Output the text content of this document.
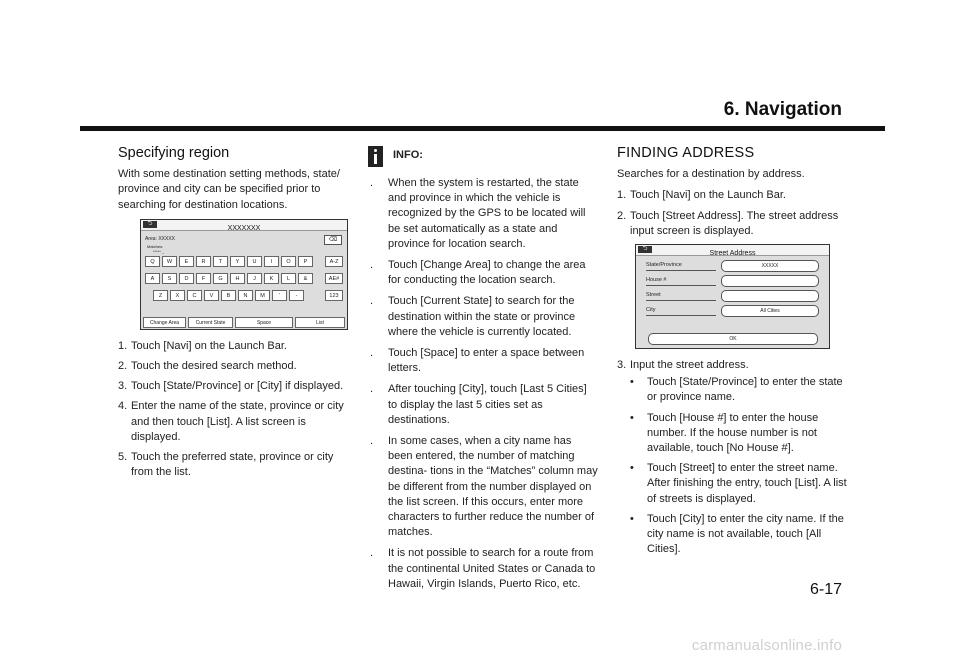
6. Navigation
Specifying region

With some destination setting methods, state/ province and city can be specified prior to searching for destination locations.

⮌
XXXXXXX
Area: XXXXX
Matches:
***** _
⌫
Q	W	E	R	T	Y	U	I	O	P	A-Z
A	S	D	F	G	H	J	K	L	&	AE#
Z	X	C	V	B	N	M	'	-	123
Change Area	Current State	Space	List
1. Touch [Navi] on the Launch Bar.
2. Touch the desired search method.
3. Touch [State/Province] or [City] if displayed.
4. Enter the name of the state, province or city and then touch [List]. A list screen is displayed.
5. Touch the preferred state, province or city from the list.
INFO:
.	When the system is restarted, the state and province in which the vehicle is recognized by the GPS to be located will be set automatically as a state and province for location search.
.	Touch [Change Area] to change the area for conducting the location search.
.	Touch [Current State] to search for the destination within the state or province where the vehicle is currently located.
.	Touch [Space] to enter a space between letters.
.	After touching [City], touch [Last 5 Cities] to display the last 5 cities set as destinations.
.	In some cases, when a city name has been entered, the number of matching destina- tions in the “Matches” column may be different from the number displayed on the list screen. If this occurs, enter more characters to further reduce the number of matches.
.	It is not possible to search for a route from the continental United States or Canada to Hawaii, Virgin Islands, Puerto Rico, etc.
FINDING ADDRESS

Searches for a destination by address.

1. Touch [Navi] on the Launch Bar.
2. Touch [Street Address]. The street address input screen is displayed.
⮌
Street Address
State/Province	XXXXX
House #
Street
City	All Cities
OK
3. Input the street address.
•	Touch [State/Province] to enter the state or province name.
•	Touch [House #] to enter the house number. If the house number is not available, touch [No House #].
•	Touch [Street] to enter the street name. After finishing the entry, touch [List]. A list of streets is displayed.
•	Touch [City] to enter the city name. If the city name is not available, touch [All Cities].
6-17
carmanualsonline.info
